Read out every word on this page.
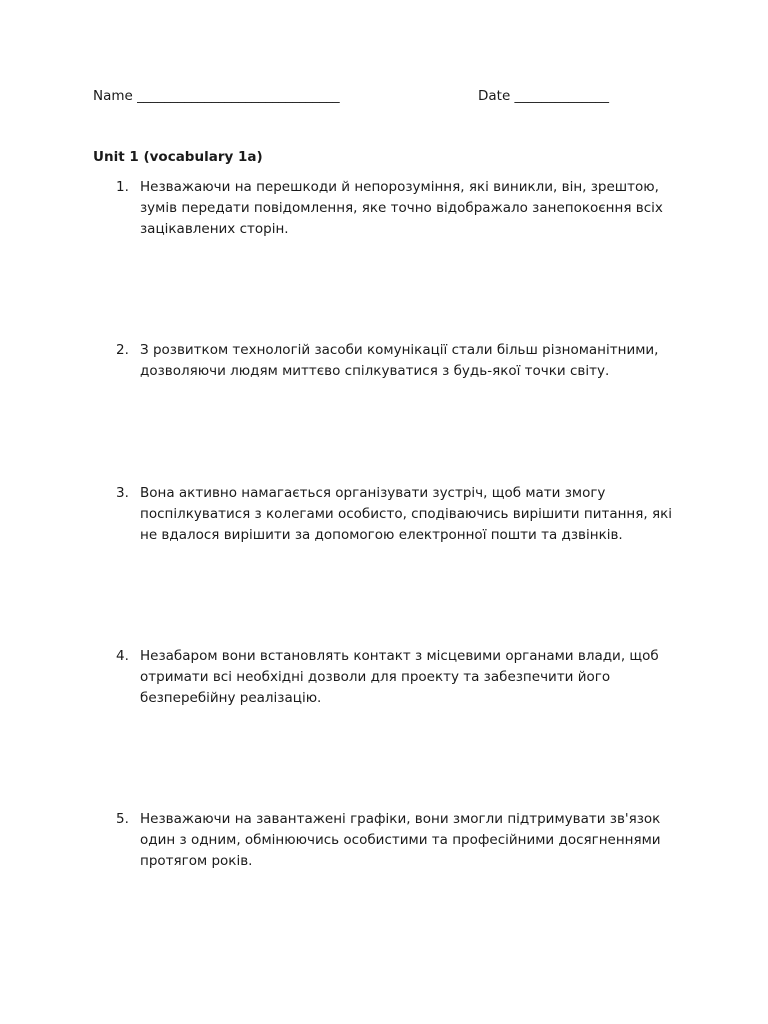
Name ______________________________	Date ______________
Unit 1 (vocabulary 1a)
1. Незважаючи на перешкоди й непорозуміння, які виникли, він, зрештою, зумів передати повідомлення, яке точно відображало занепокоєння всіх зацікавлених сторін.
2. З розвитком технологій засоби комунікації стали більш різноманітними, дозволяючи людям миттєво спілкуватися з будь-якої точки світу.
3. Вона активно намагається організувати зустріч, щоб мати змогу поспілкуватися з колегами особисто, сподіваючись вирішити питання, які не вдалося вирішити за допомогою електронної пошти та дзвінків.
4. Незабаром вони встановлять контакт з місцевими органами влади, щоб отримати всі необхідні дозволи для проекту та забезпечити його безперебійну реалізацію.
5. Незважаючи на завантажені графіки, вони змогли підтримувати зв'язок один з одним, обмінюючись особистими та професійними досягненнями протягом років.
